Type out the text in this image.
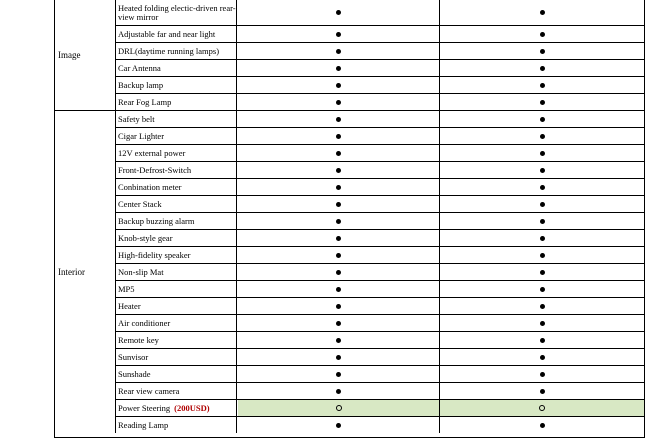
Heated folding electic-driven rear-view mirror
Adjustable far and near light
DRL(daytime running lamps)
Car Antenna
Backup lamp
Rear Fog Lamp
Image
Safety belt
Cigar Lighter
12V external power
Front-Defrost-Switch
Conbination meter
Center Stack
Backup buzzing alarm
Knob-style gear
High-fidelity speaker
Non-slip Mat
MP5
Heater
Air conditioner
Remote key
Sunvisor
Sunshade
Rear view camera
Power Steering (200USD)
Reading Lamp
Interior
